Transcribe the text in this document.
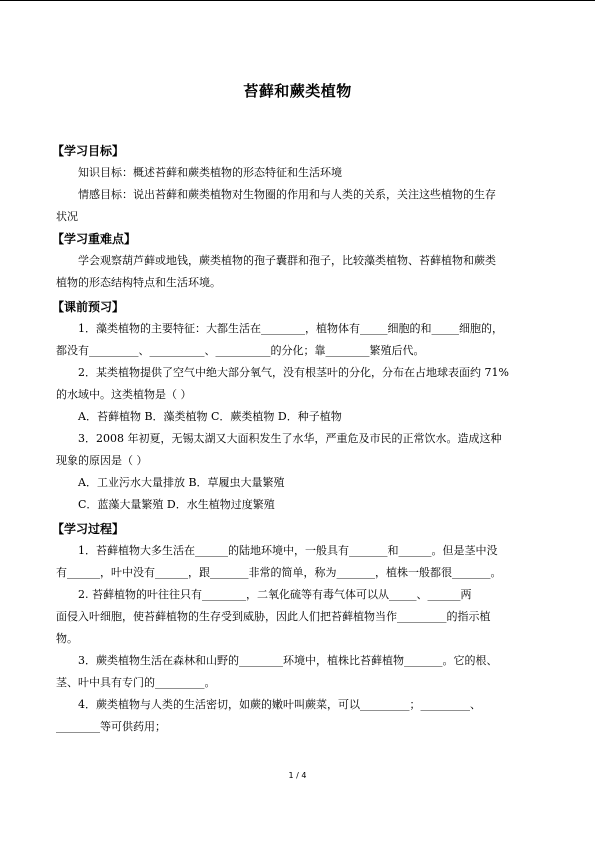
苔藓和蕨类植物
【学习目标】
知识目标：概述苔藓和蕨类植物的形态特征和生活环境
情感目标：说出苔藓和蕨类植物对生物圈的作用和与人类的关系，关注这些植物的生存
状况
【学习重难点】
学会观察葫芦藓或地钱，蕨类植物的孢子囊群和孢子，比较藻类植物、苔藓植物和蕨类
植物的形态结构特点和生活环境。
【课前预习】
1．藻类植物的主要特征：大都生活在________，植物体有_____细胞的和_____细胞的，
都没有_________、__________、__________的分化；靠________繁殖后代。
2．某类植物提供了空气中绝大部分氧气，没有根茎叶的分化，分布在占地球表面约 71%
的水域中。这类植物是（ ）
A．苔藓植物 B．藻类植物 C．蕨类植物 D．种子植物
3．2008 年初夏，无锡太湖又大面积发生了水华，严重危及市民的正常饮水。造成这种
现象的原因是（ ）
A．工业污水大量排放 B．草履虫大量繁殖
C．蓝藻大量繁殖 D．水生植物过度繁殖
【学习过程】
1．苔藓植物大多生活在______的陆地环境中，一般具有_______和______。但是茎中没
有______，叶中没有______，跟_______非常的简单，称为_______，植株一般都很_______。
2. 苔藓植物的叶往往只有________，二氧化硫等有毒气体可以从_____、______两
面侵入叶细胞，使苔藓植物的生存受到威胁，因此人们把苔藓植物当作_________的指示植
物。
3．蕨类植物生活在森林和山野的________环境中，植株比苔藓植物_______。它的根、
茎、叶中具有专门的_________。
4．蕨类植物与人类的生活密切，如蕨的嫩叶叫蕨菜，可以_________；_________、
________等可供药用；
1 / 4
